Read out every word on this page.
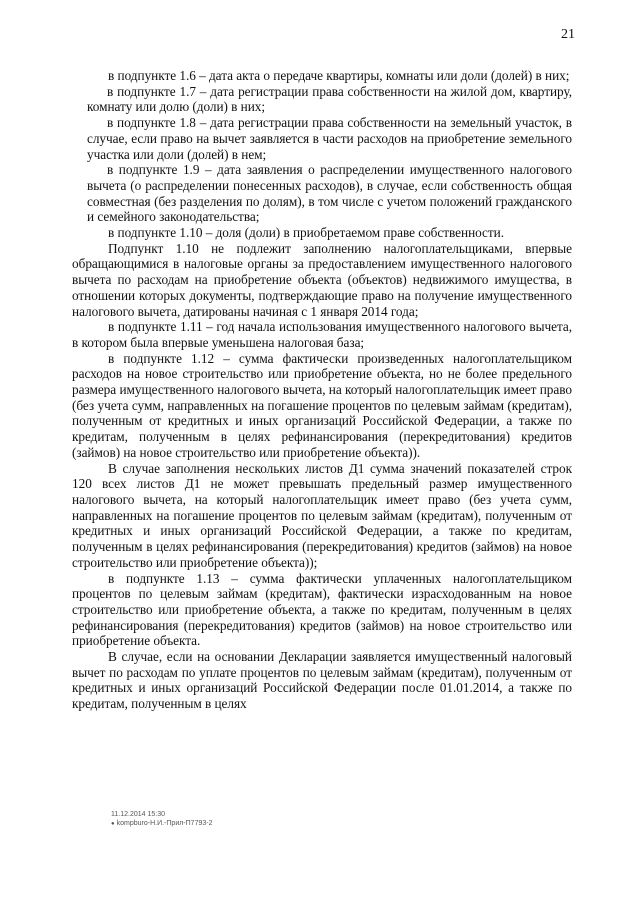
21

в подпункте 1.6 – дата акта о передаче квартиры, комнаты или доли (долей) в них;

в подпункте 1.7 – дата регистрации права собственности на жилой дом, квартиру, комнату или долю (доли) в них;

в подпункте 1.8 – дата регистрации права собственности на земельный участок, в случае, если право на вычет заявляется в части расходов на приобретение земельного участка или доли (долей) в нем;

в подпункте 1.9 – дата заявления о распределении имущественного налогового вычета (о распределении понесенных расходов), в случае, если собственность общая совместная (без разделения по долям), в том числе с учетом положений гражданского и семейного законодательства;

в подпункте 1.10 – доля (доли) в приобретаемом праве собственности.

Подпункт 1.10 не подлежит заполнению налогоплательщиками, впервые обращающимися в налоговые органы за предоставлением имущественного налогового вычета по расходам на приобретение объекта (объектов) недвижимого имущества, в отношении которых документы, подтверждающие право на получение имущественного налогового вычета, датированы начиная с 1 января 2014 года;

в подпункте 1.11 – год начала использования имущественного налогового вычета, в котором была впервые уменьшена налоговая база;

в подпункте 1.12 – сумма фактически произведенных налогоплательщиком расходов на новое строительство или приобретение объекта, но не более предельного размера имущественного налогового вычета, на который налогоплательщик имеет право (без учета сумм, направленных на погашение процентов по целевым займам (кредитам), полученным от кредитных и иных организаций Российской Федерации, а также по кредитам, полученным в целях рефинансирования (перекредитования) кредитов (займов) на новое строительство или приобретение объекта)).

В случае заполнения нескольких листов Д1 сумма значений показателей строк 120 всех листов Д1 не может превышать предельный размер имущественного налогового вычета, на который налогоплательщик имеет право (без учета сумм, направленных на погашение процентов по целевым займам (кредитам), полученным от кредитных и иных организаций Российской Федерации, а также по кредитам, полученным в целях рефинансирования (перекредитования) кредитов (займов) на новое строительство или приобретение объекта));

в подпункте 1.13 – сумма фактически уплаченных налогоплательщиком процентов по целевым займам (кредитам), фактически израсходованным на новое строительство или приобретение объекта, а также по кредитам, полученным в целях рефинансирования (перекредитования) кредитов (займов) на новое строительство или приобретение объекта.

В случае, если на основании Декларации заявляется имущественный налоговый вычет по расходам по уплате процентов по целевым займам (кредитам), полученным от кредитных и иных организаций Российской Федерации после 01.01.2014, а также по кредитам, полученным в целях

11.12.2014 15:30
● kompburo-Н.И.-Прил-П7793-2
